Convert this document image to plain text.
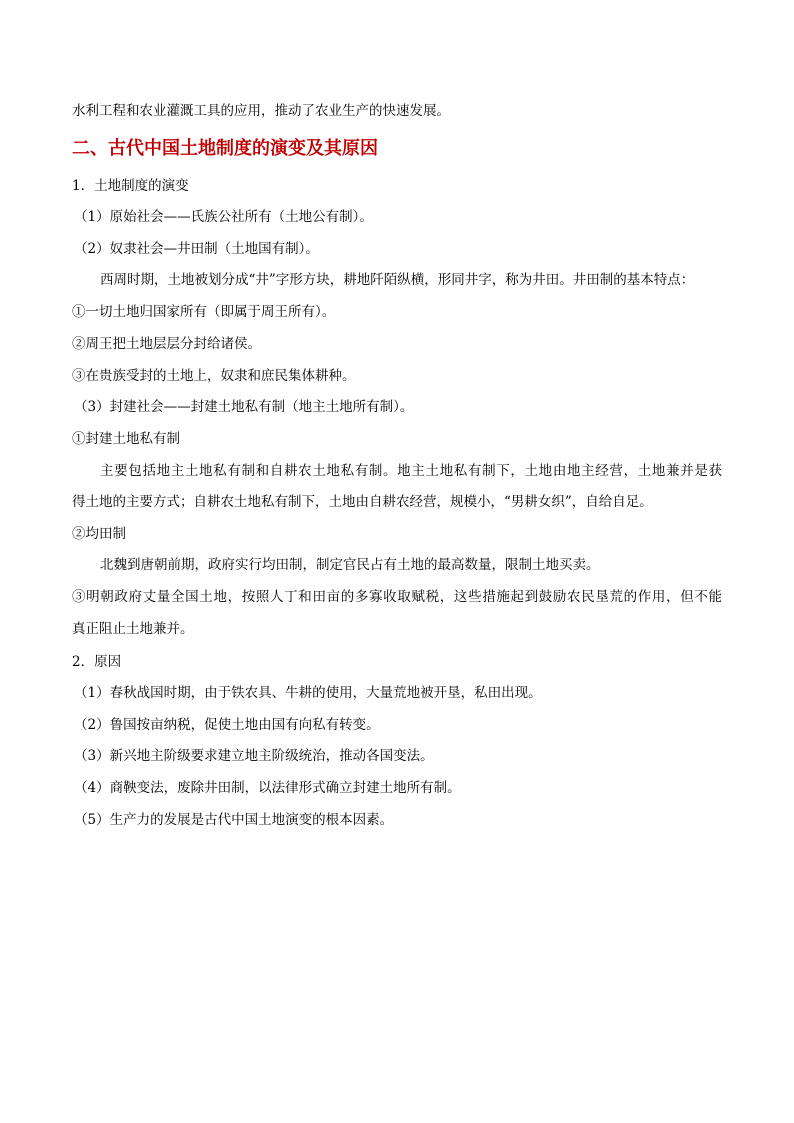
水利工程和农业灌溉工具的应用，推动了农业生产的快速发展。
二、古代中国土地制度的演变及其原因
1．土地制度的演变
（1）原始社会——氏族公社所有（土地公有制）。
（2）奴隶社会—井田制（土地国有制）。
西周时期，土地被划分成“井”字形方块，耕地阡陌纵横，形同井字，称为井田。井田制的基本特点：
①一切土地归国家所有（即属于周王所有）。
②周王把土地层层分封给诸侯。
③在贵族受封的土地上，奴隶和庶民集体耕种。
（3）封建社会——封建土地私有制（地主土地所有制）。
①封建土地私有制
主要包括地主土地私有制和自耕农土地私有制。地主土地私有制下，土地由地主经营，土地兼并是获
得土地的主要方式；自耕农土地私有制下，土地由自耕农经营，规模小，“男耕女织”，自给自足。
②均田制
北魏到唐朝前期，政府实行均田制，制定官民占有土地的最高数量，限制土地买卖。
③明朝政府丈量全国土地，按照人丁和田亩的多寡收取赋税，这些措施起到鼓励农民垦荒的作用，但不能
真正阻止土地兼并。
2．原因
（1）春秋战国时期，由于铁农具、牛耕的使用，大量荒地被开垦，私田出现。
（2）鲁国按亩纳税，促使土地由国有向私有转变。
（3）新兴地主阶级要求建立地主阶级统治，推动各国变法。
（4）商鞅变法，废除井田制，以法律形式确立封建土地所有制。
（5）生产力的发展是古代中国土地演变的根本因素。
